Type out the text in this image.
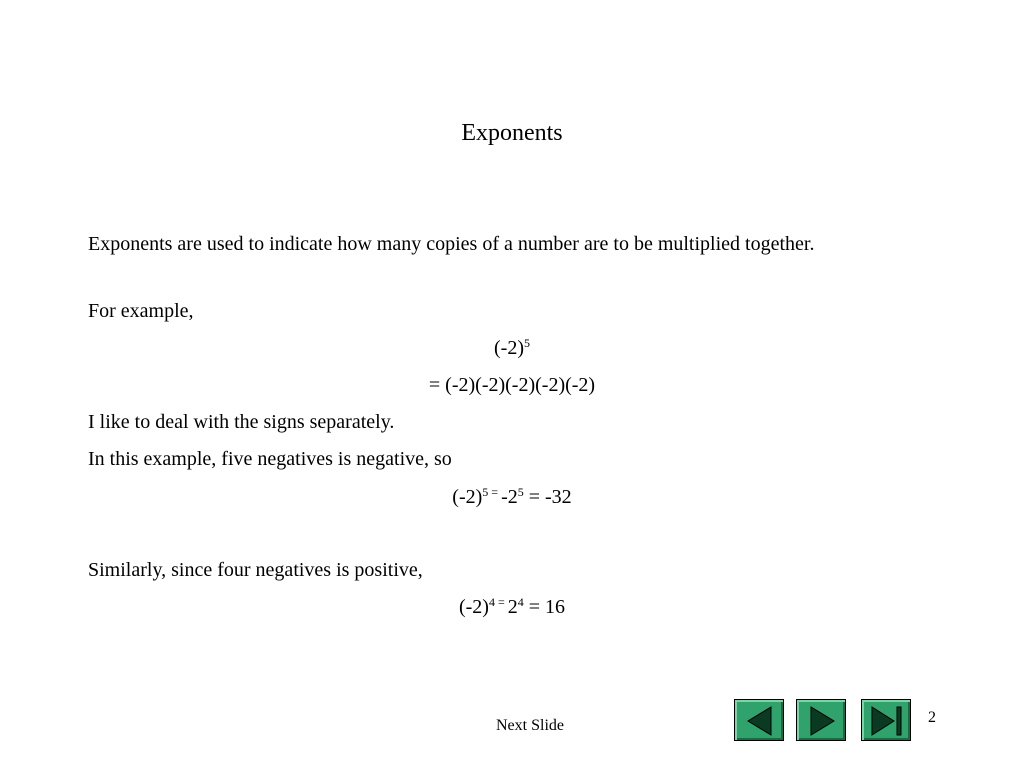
Exponents
Exponents are used to indicate how many copies of a number are to be multiplied together.
For example,
$(-2)^5$
= (-2)(-2)(-2)(-2)(-2)
I like to deal with the signs separately.
In this example, five negatives is negative, so
$(-2)^5$ = $-2^5 = -32$
Similarly, since four negatives is positive,
$(-2)^4$ = $2^4 = 16$
Next Slide	2
